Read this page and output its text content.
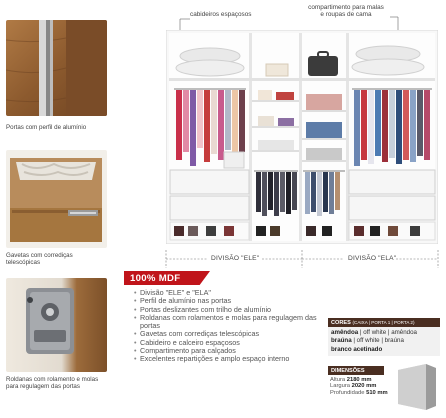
Portas com perfil de alumínio
Gavetas com corrediças telescópicas
Roldanas com rolamento e molas para regulagem das portas
cabideiros espaçosos
compartimento para malas e roupas de cama
DIVISÃO "ELE"	DIVISÃO "ELA"
100% MDF
• Divisão "ELE" e "ELA"
• Perfil de alumínio nas portas
• Portas deslizantes com trilho de alumínio
• Roldanas com rolamentos e molas para regulagem das portas
• Gavetas com corrediças telescópicas
• Cabideiro e calceiro espaçosos
• Compartimento para calçados
• Excelentes repartições e amplo espaço interno
CORES (CAIXA | PORTA 1 | PORTA 2)
amêndoa | off white | amêndoa
braúna | off white | braúna
branco acetinado
DIMENSÕES
Altura 2180 mm
Largura 2020 mm
Profundidade 510 mm
